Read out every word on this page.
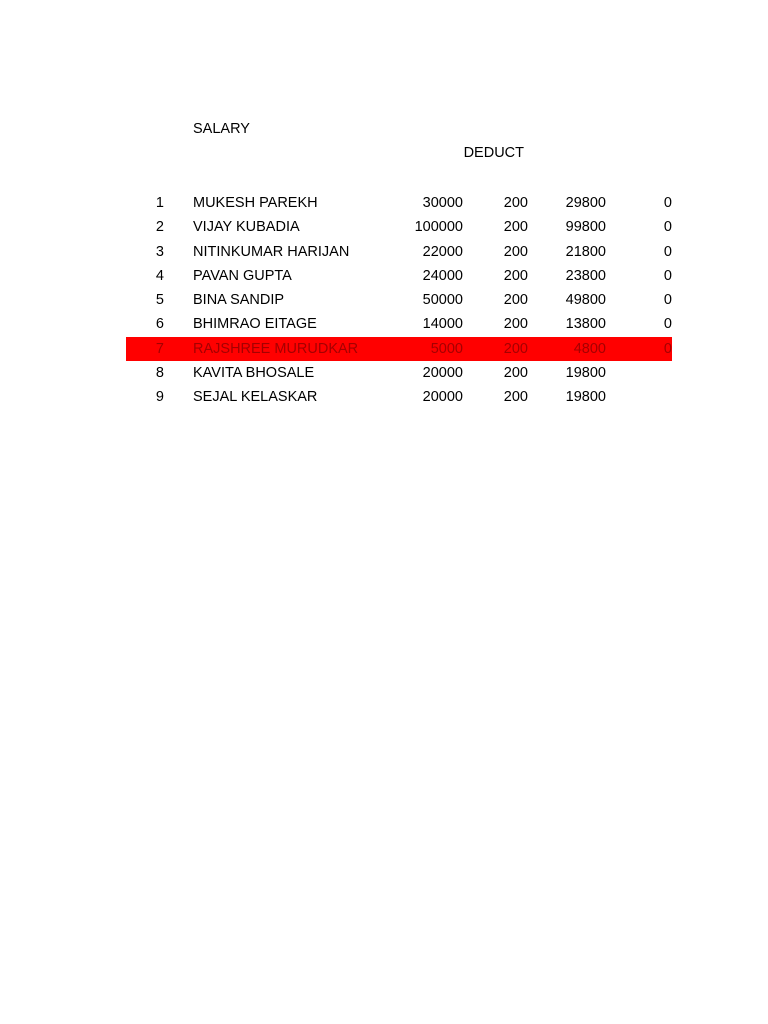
SALARY
DEDUCT
1 MUKESH PAREKH	30000	200	29800	0
2 VIJAY KUBADIA	100000	200	99800	0
3 NITINKUMAR HARIJAN	22000	200	21800	0
4 PAVAN GUPTA	24000	200	23800	0
5 BINA SANDIP	50000	200	49800	0
6 BHIMRAO EITAGE	14000	200	13800	0
7 RAJSHREE MURUDKAR	5000	200	4800	0
8 KAVITA BHOSALE	20000	200	19800
9 SEJAL KELASKAR	20000	200	19800
